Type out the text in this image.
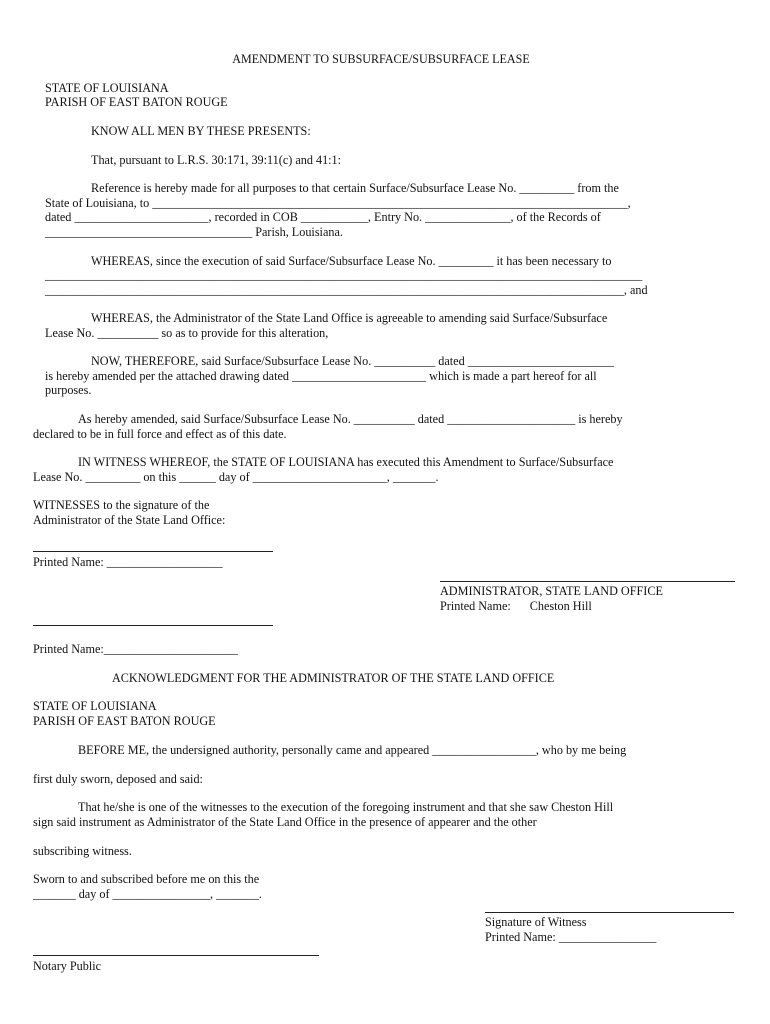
AMENDMENT TO SUBSURFACE/SUBSURFACE LEASE
STATE OF LOUISIANA
PARISH OF EAST BATON ROUGE
KNOW ALL MEN BY THESE PRESENTS:
That, pursuant to L.R.S. 30:171, 39:11(c) and 41:1:
Reference is hereby made for all purposes to that certain Surface/Subsurface Lease No. _________ from the
State of Louisiana, to ______________________________________________________________________________,
dated ______________________, recorded in COB ___________, Entry No. ______________, of the Records of
__________________________________ Parish, Louisiana.
WHEREAS, since the execution of said Surface/Subsurface Lease No. _________ it has been necessary to
__________________________________________________________________________________________________
_______________________________________________________________________________________________, and
WHEREAS, the Administrator of the State Land Office is agreeable to amending said Surface/Subsurface
Lease No. __________ so as to provide for this alteration,
NOW, THEREFORE, said Surface/Subsurface Lease No. __________ dated ________________________
is hereby amended per the attached drawing dated ______________________ which is made a part hereof for all
purposes.
As hereby amended, said Surface/Subsurface Lease No. __________ dated _____________________ is hereby
declared to be in full force and effect as of this date.
IN WITNESS WHEREOF, the STATE OF LOUISIANA has executed this Amendment to Surface/Subsurface
Lease No. _________ on this ______ day of ______________________, _______.
WITNESSES to the signature of the
Administrator of the State Land Office:
Printed Name: ___________________
ADMINISTRATOR, STATE LAND OFFICE
Printed Name: Cheston Hill
Printed Name:______________________
ACKNOWLEDGMENT FOR THE ADMINISTRATOR OF THE STATE LAND OFFICE
STATE OF LOUISIANA
PARISH OF EAST BATON ROUGE
BEFORE ME, the undersigned authority, personally came and appeared _________________, who by me being
first duly sworn, deposed and said:
That he/she is one of the witnesses to the execution of the foregoing instrument and that she saw Cheston Hill
sign said instrument as Administrator of the State Land Office in the presence of appearer and the other
subscribing witness.
Sworn to and subscribed before me on this the
_______ day of ________________, _______.
Signature of Witness
Printed Name: ________________
Notary Public
